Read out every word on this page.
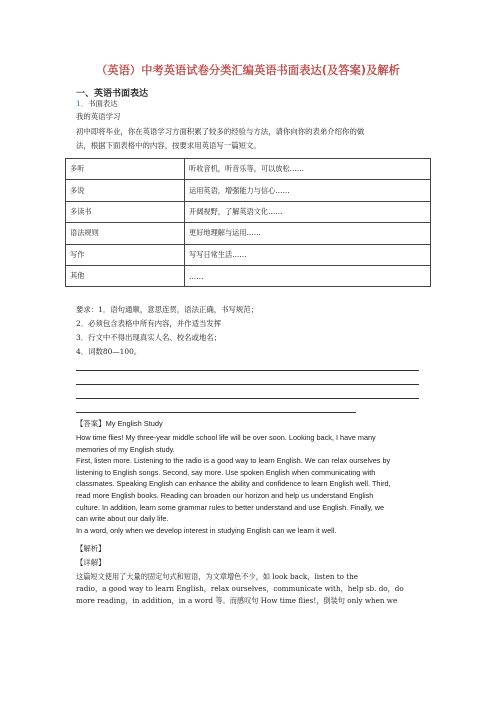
（英语）中考英语试卷分类汇编英语书面表达(及答案)及解析
一、英语书面表达
1．书面表达
我的英语学习
初中即将毕业，你在英语学习方面积累了较多的经验与方法，请你向你的表弟介绍你的做
法，根据下面表格中的内容，按要求用英语写一篇短文。
多听	听收音机，听音乐等，可以放松……
多说	运用英语，增强能力与信心……
多读书	开阔视野，了解英语文化……
语法规则	更好地理解与运用……
写作	写写日常生活……
其他	……
要求：1．语句通顺，意思连贯，语法正确，书写规范；
2．必须包含表格中所有内容，并作适当发挥
3．行文中不得出现真实人名、校名或地名；
4．词数80—100。
【答案】My English Study
How time flies! My three-year middle school life will be over soon. Looking back, I have many
memories of my English study.
First, listen more. Listening to the radio is a good way to learn English. We can relax ourselves by
listening to English songs. Second, say more. Use spoken English when communicating with
classmates. Speaking English can enhance the ability and confidence to learn English well. Third,
read more English books. Reading can broaden our horizon and help us understand English
culture. In addition, learn some grammar rules to better understand and use English. Finally, we
can write about our daily life.
In a word, only when we develop interest in studying English can we learn it well.
【解析】
【详解】
这篇短文使用了大量的固定句式和短语，为文章增色不少，如 look back，listen to the
radio，a good way to learn English，relax ourselves，communicate with，help sb. do，do
more reading，in addition，in a word 等。而感叹句 How time flies!，倒装句 only when we
